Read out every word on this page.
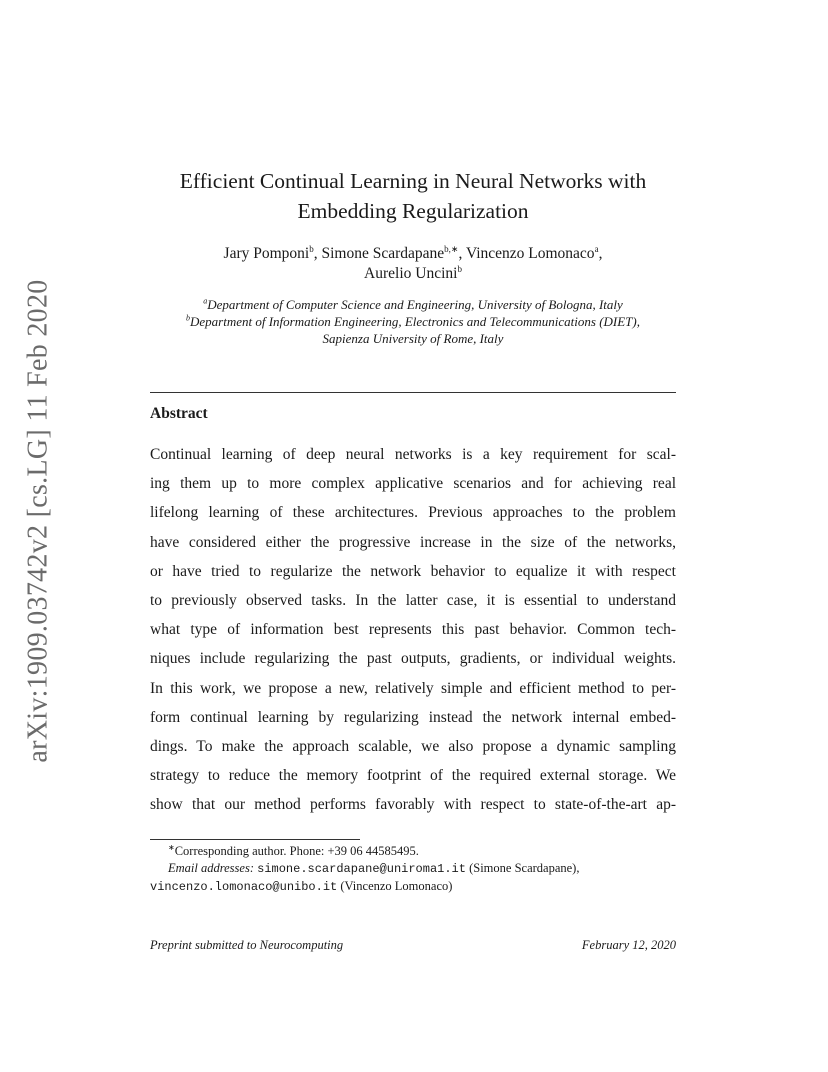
arXiv:1909.03742v2 [cs.LG] 11 Feb 2020
Efficient Continual Learning in Neural Networks with
Embedding Regularization
Jary Pomponi$^b$, Simone Scardapane$^{b,∗}$, Vincenzo Lomonaco$^a$,
Aurelio Uncini$^b$
$^a$Department of Computer Science and Engineering, University of Bologna, Italy
$^b$Department of Information Engineering, Electronics and Telecommunications (DIET),
Sapienza University of Rome, Italy
Abstract
Continual learning of deep neural networks is a key requirement for scal-
ing them up to more complex applicative scenarios and for achieving real
lifelong learning of these architectures. Previous approaches to the problem
have considered either the progressive increase in the size of the networks,
or have tried to regularize the network behavior to equalize it with respect
to previously observed tasks. In the latter case, it is essential to understand
what type of information best represents this past behavior. Common tech-
niques include regularizing the past outputs, gradients, or individual weights.
In this work, we propose a new, relatively simple and efficient method to per-
form continual learning by regularizing instead the network internal embed-
dings. To make the approach scalable, we also propose a dynamic sampling
strategy to reduce the memory footprint of the required external storage. We
show that our method performs favorably with respect to state-of-the-art ap-
∗Corresponding author. Phone: +39 06 44585495.
Email addresses: simone.scardapane@uniroma1.it (Simone Scardapane),
vincenzo.lomonaco@unibo.it (Vincenzo Lomonaco)
Preprint submitted to Neurocomputing	February 12, 2020
